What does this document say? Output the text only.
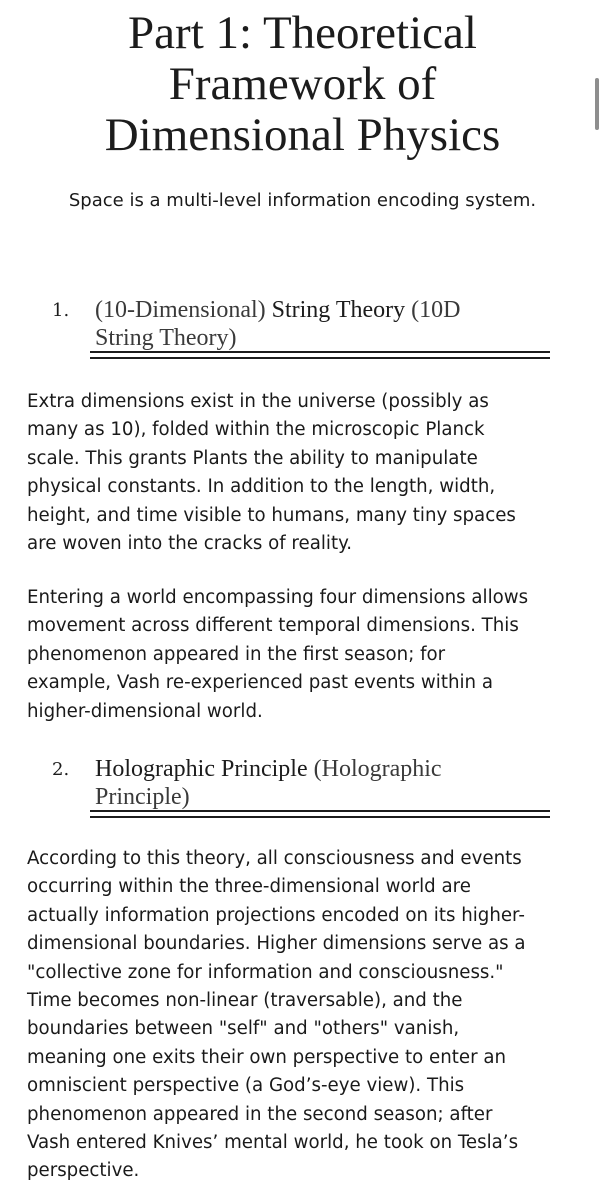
Part 1: Theoretical
Framework of
Dimensional Physics
Space is a multi-level information encoding system.
1. (10-Dimensional) String Theory (10D
String Theory)

Extra dimensions exist in the universe (possibly as
many as 10), folded within the microscopic Planck
scale. This grants Plants the ability to manipulate
physical constants. In addition to the length, width,
height, and time visible to humans, many tiny spaces
are woven into the cracks of reality.

Entering a world encompassing four dimensions allows
movement across different temporal dimensions. This
phenomenon appeared in the first season; for
example, Vash re-experienced past events within a
higher-dimensional world.

2. Holographic Principle (Holographic
Principle)

According to this theory, all consciousness and events
occurring within the three-dimensional world are
actually information projections encoded on its higher-
dimensional boundaries. Higher dimensions serve as a
"collective zone for information and consciousness."
Time becomes non-linear (traversable), and the
boundaries between "self" and "others" vanish,
meaning one exits their own perspective to enter an
omniscient perspective (a God’s-eye view). This
phenomenon appeared in the second season; after
Vash entered Knives’ mental world, he took on Tesla’s
perspective.
